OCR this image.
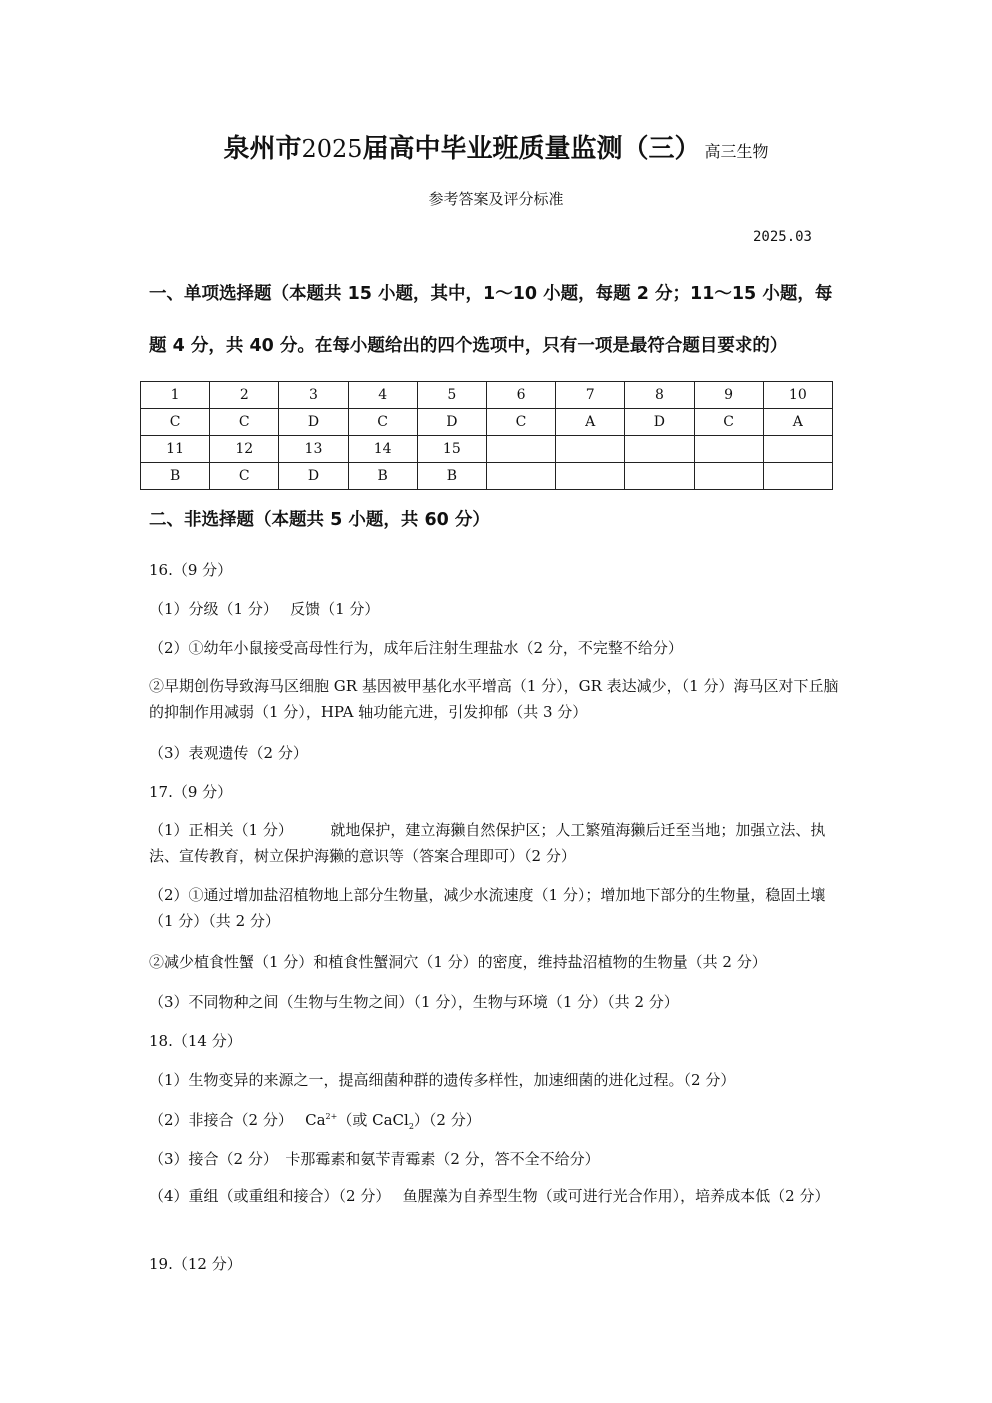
泉州市2025届高中毕业班质量监测（三） 高三生物
参考答案及评分标准
2025.03
一、单项选择题（本题共 15 小题，其中，1～10 小题，每题 2 分；11～15 小题，每
题 4 分，共 40 分。在每小题给出的四个选项中，只有一项是最符合题目要求的）
1	2	3	4	5	6	7	8	9	10
C	C	D	C	D	C	A	D	C	A
11	12	13	14	15					
B	C	D	B	B					
二、非选择题（本题共 5 小题，共 60 分）
16.（9 分）
（1）分级（1 分）　 反馈（1 分）
（2）①幼年小鼠接受高母性行为，成年后注射生理盐水（2 分，不完整不给分）
②早期创伤导致海马区细胞 GR 基因被甲基化水平增高（1 分），GR 表达减少，（1 分）海马区对下丘脑的抑制作用减弱（1 分），HPA 轴功能亢进，引发抑郁（共 3 分）
（3）表观遗传（2 分）
17.（9 分）
（1）正相关（1 分）　　　就地保护，建立海獭自然保护区；人工繁殖海獭后迁至当地；加强立法、执法、宣传教育，树立保护海獭的意识等（答案合理即可）（2 分）
（2）①通过增加盐沼植物地上部分生物量，减少水流速度（1 分）；增加地下部分的生物量，稳固土壤（1 分）（共 2 分）
②减少植食性蟹（1 分）和植食性蟹洞穴（1 分）的密度，维持盐沼植物的生物量（共 2 分）
（3）不同物种之间（生物与生物之间）（1 分），生物与环境（1 分）（共 2 分）
18.（14 分）
（1）生物变异的来源之一，提高细菌种群的遗传多样性，加速细菌的进化过程。（2 分）
（2）非接合（2 分）　 $Ca^{2+}$（或 CaCl$_2$）（2 分）
（3）接合（2 分）　卡那霉素和氨苄青霉素（2 分，答不全不给分）
（4）重组（或重组和接合）（2 分）　 鱼腥藻为自养型生物（或可进行光合作用），培养成本低（2 分）
19.（12 分）
